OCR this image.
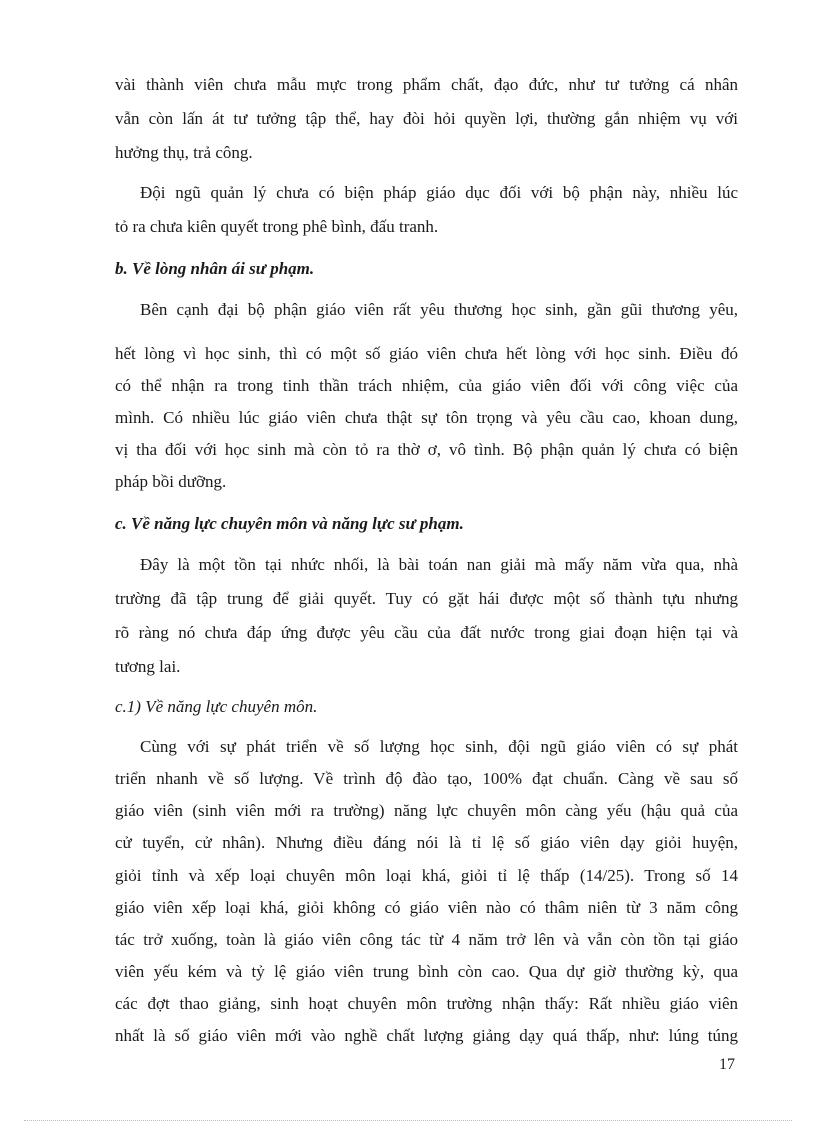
vài thành viên chưa mẫu mực trong phẩm chất, đạo đức, như tư tưởng cá nhân
vẫn còn lấn át tư tưởng tập thể, hay đòi hỏi quyền lợi, thường gắn nhiệm vụ với
hưởng thụ, trả công.
Đội ngũ quản lý chưa có biện pháp giáo dục đối với bộ phận này, nhiều lúc
tỏ ra chưa kiên quyết trong phê bình, đấu tranh.
b. Về lòng nhân ái sư phạm.
Bên cạnh đại bộ phận giáo viên rất yêu thương học sinh, gần gũi thương yêu,
hết lòng vì học sinh, thì có một số giáo viên chưa hết lòng với học sinh. Điều đó
có thể nhận ra trong tinh thần trách nhiệm, của giáo viên đối với công việc của
mình. Có nhiều lúc giáo viên chưa thật sự tôn trọng và yêu cầu cao, khoan dung,
vị tha đối với học sinh mà còn tỏ ra thờ ơ, vô tình. Bộ phận quản lý chưa có biện
pháp bồi dưỡng.
c. Về năng lực chuyên môn và năng lực sư phạm.
Đây là một tồn tại nhức nhối, là bài toán nan giải mà mấy năm vừa qua, nhà
trường đã tập trung để giải quyết. Tuy có gặt hái được một số thành tựu nhưng
rõ ràng nó chưa đáp ứng được yêu cầu của đất nước trong giai đoạn hiện tại và
tương lai.
c.1) Về năng lực chuyên môn.
Cùng với sự phát triển về số lượng học sinh, đội ngũ giáo viên có sự phát
triển nhanh về số lượng. Về trình độ đào tạo, 100% đạt chuẩn. Càng về sau số
giáo viên (sinh viên mới ra trường) năng lực chuyên môn càng yếu (hậu quả của
cử tuyển, cử nhân). Nhưng điều đáng nói là tỉ lệ số giáo viên dạy giỏi huyện,
giỏi tỉnh và xếp loại chuyên môn loại khá, giỏi tỉ lệ thấp (14/25). Trong số 14
giáo viên xếp loại khá, giỏi không có giáo viên nào có thâm niên từ 3 năm công
tác trở xuống, toàn là giáo viên công tác từ 4 năm trở lên và vẫn còn tồn tại giáo
viên yếu kém và tỷ lệ giáo viên trung bình còn cao. Qua dự giờ thường kỳ, qua
các đợt thao giảng, sinh hoạt chuyên môn trường nhận thấy: Rất nhiều giáo viên
nhất là số giáo viên mới vào nghề chất lượng giảng dạy quá thấp, như: lúng túng
17
